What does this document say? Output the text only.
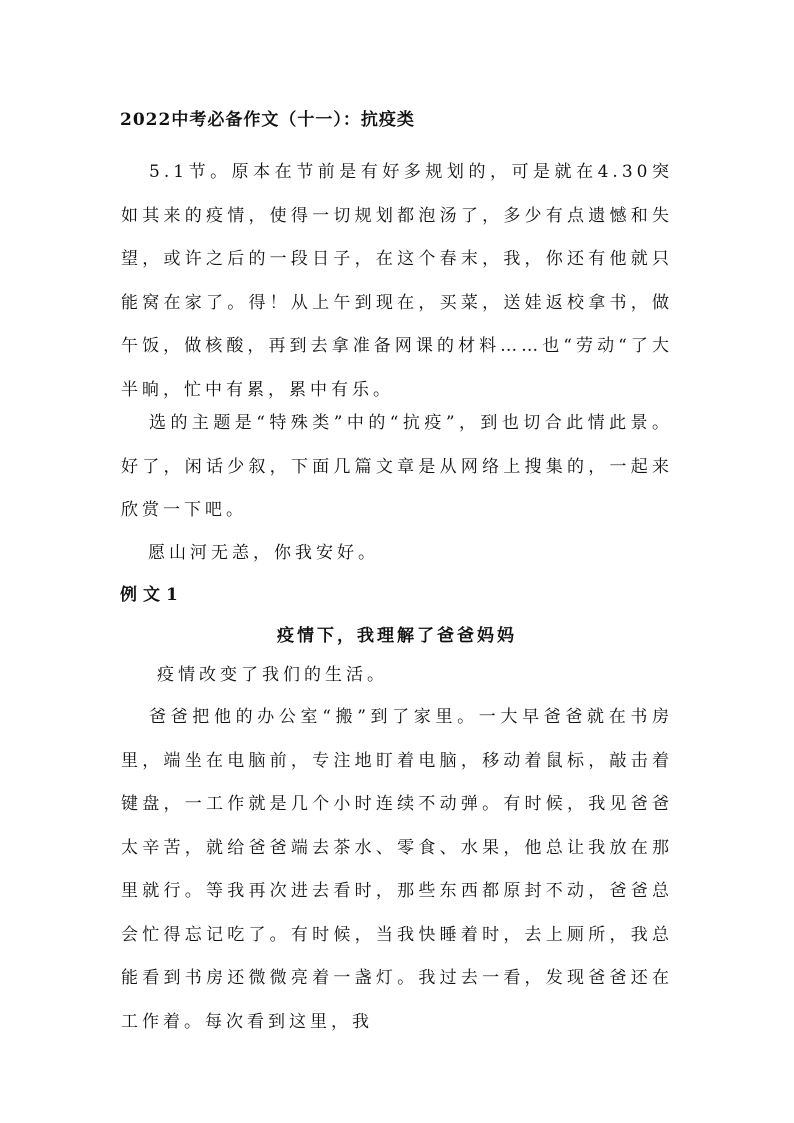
2022中考必备作文（十一）：抗疫类

5.1节。原本在节前是有好多规划的，可是就在4.30突如其来的疫情，使得一切规划都泡汤了，多少有点遗憾和失望，或许之后的一段日子，在这个春末，我，你还有他就只能窝在家了。得！从上午到现在，买菜，送娃返校拿书，做午饭，做核酸，再到去拿准备网课的材料……也“劳动“了大半晌，忙中有累，累中有乐。

选的主题是“特殊类”中的“抗疫”，到也切合此情此景。好了，闲话少叙，下面几篇文章是从网络上搜集的，一起来欣赏一下吧。

愿山河无恙，你我安好。
例文1
疫情下，我理解了爸爸妈妈
疫情改变了我们的生活。

爸爸把他的办公室“搬”到了家里。一大早爸爸就在书房里，端坐在电脑前，专注地盯着电脑，移动着鼠标，敲击着键盘，一工作就是几个小时连续不动弹。有时候，我见爸爸太辛苦，就给爸爸端去茶水、零食、水果，他总让我放在那里就行。等我再次进去看时，那些东西都原封不动，爸爸总会忙得忘记吃了。有时候，当我快睡着时，去上厕所，我总能看到书房还微微亮着一盏灯。我过去一看，发现爸爸还在工作着。每次看到这里，我
